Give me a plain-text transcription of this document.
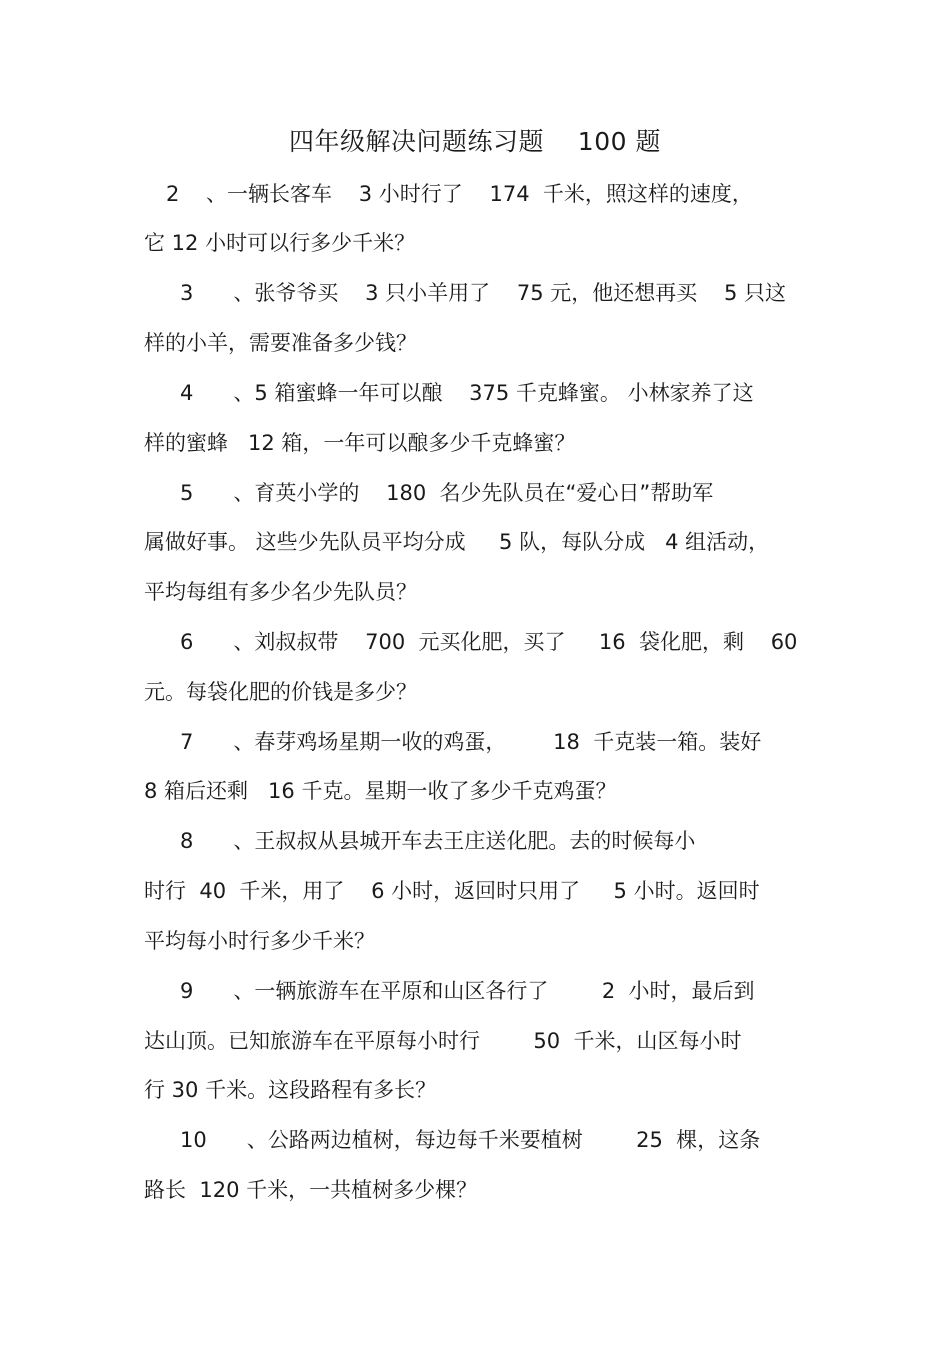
四年级解决问题练习题    100 题
2    、一辆长客车    3 小时行了    174  千米，照这样的速度，
它 12 小时可以行多少千米？
3      、张爷爷买    3 只小羊用了    75 元，他还想再买    5 只这
样的小羊，需要准备多少钱？
4      、5 箱蜜蜂一年可以酿    375 千克蜂蜜。 小林家养了这
样的蜜蜂   12 箱，一年可以酿多少千克蜂蜜？
5      、育英小学的    180  名少先队员在“爱心日”帮助军
属做好事。 这些少先队员平均分成     5 队，每队分成   4 组活动，
平均每组有多少名少先队员？
6      、刘叔叔带    700  元买化肥，买了     16  袋化肥，剩    60
元。每袋化肥的价钱是多少？
7      、春芽鸡场星期一收的鸡蛋，       18  千克装一箱。装好
8 箱后还剩   16 千克。星期一收了多少千克鸡蛋？
8      、王叔叔从县城开车去王庄送化肥。去的时候每小
时行  40  千米，用了    6 小时，返回时只用了     5 小时。返回时
平均每小时行多少千米？
9      、一辆旅游车在平原和山区各行了        2  小时，最后到
达山顶。已知旅游车在平原每小时行        50  千米，山区每小时
行 30 千米。这段路程有多长？
10      、公路两边植树，每边每千米要植树        25  棵，这条
路长  120 千米，一共植树多少棵？
